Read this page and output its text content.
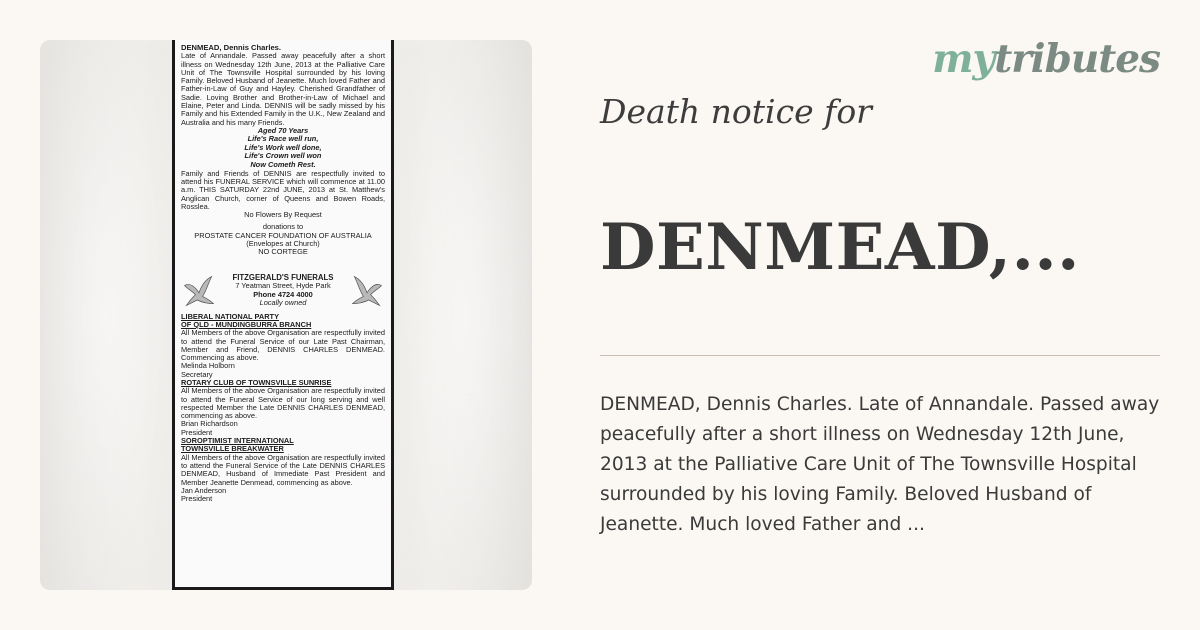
DENMEAD, Dennis Charles.

Late of Annandale. Passed away peacefully after a short illness on Wednesday 12th June, 2013 at the Palliative Care Unit of The Townsville Hospital surrounded by his loving Family. Beloved Husband of Jeanette. Much loved Father and Father-in-Law of Guy and Hayley. Cherished Grandfather of Sadie. Loving Brother and Brother-in-Law of Michael and Elaine, Peter and Linda. DENNIS will be sadly missed by his Family and his Extended Family in the U.K., New Zealand and Australia and his many Friends.

Aged 70 Years

Life's Race well run,
Life's Work well done,
Life's Crown well won
Now Cometh Rest.

Family and Friends of DENNIS are respectfully invited to attend his FUNERAL SERVICE which will commence at 11.00 a.m. THIS SATURDAY 22nd JUNE, 2013 at St. Matthew's Anglican Church, corner of Queens and Bowen Roads, Rosslea.

No Flowers By Request

donations to

PROSTATE CANCER FOUNDATION OF AUSTRALIA

(Envelopes at Church)

NO CORTEGE

FITZGERALD'S FUNERALS
7 Yeatman Street, Hyde Park
Phone 4724 4000
Locally owned
LIBERAL NATIONAL PARTY
OF QLD - MUNDINGBURRA BRANCH

All Members of the above Organisation are respectfully invited to attend the Funeral Service of our Late Past Chairman, Member and Friend, DENNIS CHARLES DENMEAD. Commencing as above.

Melinda Holborn
Secretary
ROTARY CLUB OF TOWNSVILLE SUNRISE

All Members of the above Organisation are respectfully invited to attend the Funeral Service of our long serving and well respected Member the Late DENNIS CHARLES DENMEAD, commencing as above.

Brian Richardson
President
SOROPTIMIST INTERNATIONAL
TOWNSVILLE BREAKWATER

All Members of the above Organisation are respectfully invited to attend the Funeral Service of the Late DENNIS CHARLES DENMEAD, Husband of Immediate Past President and Member Jeanette Denmead, commencing as above.

Jan Anderson
President
mytributes
Death notice for
DENMEAD,...
DENMEAD, Dennis Charles. Late of Annandale. Passed away peacefully after a short illness on Wednesday 12th June, 2013 at the Palliative Care Unit of The Townsville Hospital surrounded by his loving Family. Beloved Husband of Jeanette. Much loved Father and ...
